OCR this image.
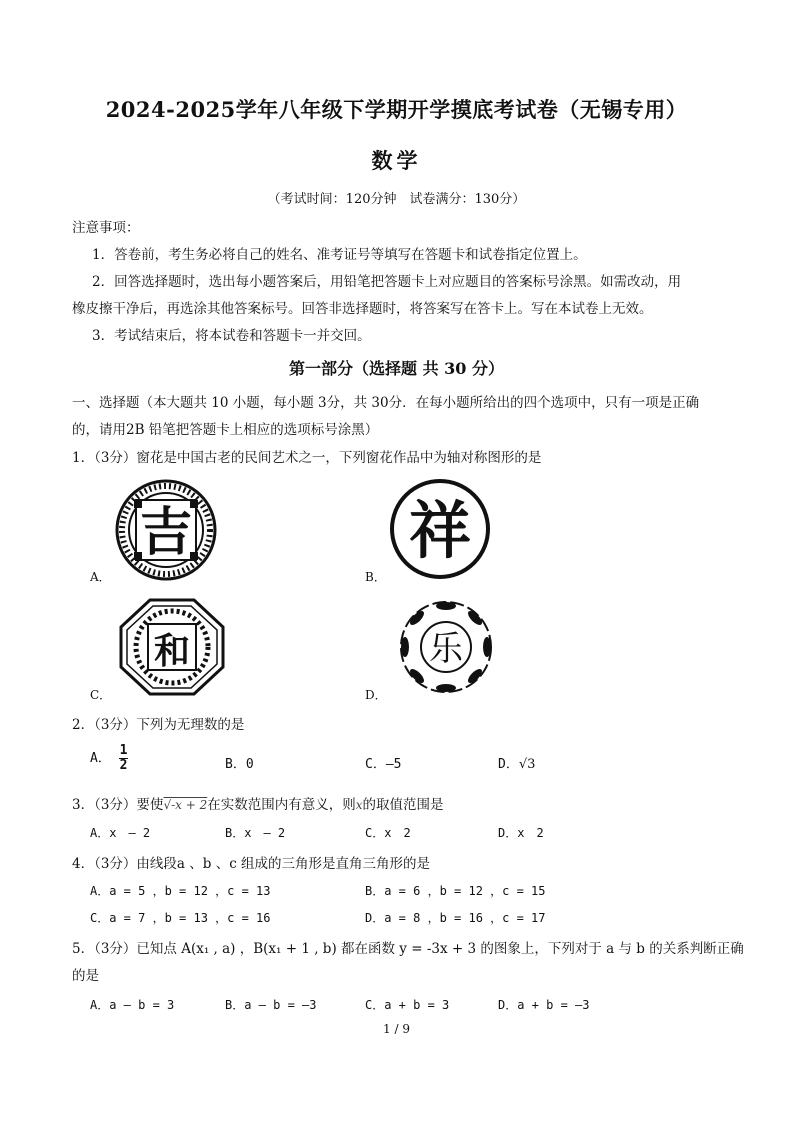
2024-2025学年八年级下学期开学摸底考试卷（无锡专用）
数学
（考试时间：120分钟　试卷满分：130分）
注意事项：
1．答卷前，考生务必将自己的姓名、准考证号等填写在答题卡和试卷指定位置上。
2．回答选择题时，选出每小题答案后，用铅笔把答题卡上对应题目的答案标号涂黑。如需改动，用
橡皮擦干净后，再选涂其他答案标号。回答非选择题时，将答案写在答卡上。写在本试卷上无效。
3．考试结束后，将本试卷和答题卡一并交回。
第一部分（选择题 共 30 分）
一、选择题（本大题共 10 小题，每小题 3分，共 30分．在每小题所给出的四个选项中，只有一项是正确
的，请用2B 铅笔把答题卡上相应的选项标号涂黑）
1．（3分）窗花是中国古老的民间艺术之一，下列窗花作品中为轴对称图形的是
吉
A．
祥
B．
和
C．
乐
D．
2．（3分）下列为无理数的是
A． $\frac{1}{2}$	B．0	C．–5	D．√3
3．（3分）要使√-x + 2在实数范围内有意义，则x的取值范围是
A．x　– 2	B．x　– 2	C．x　2	D．x　2
4．（3分）由线段a 、b 、c 组成的三角形是直角三角形的是
A．a = 5 ，b = 12 ，c = 13	B．a = 6 ，b = 12 ，c = 15
C．a = 7 ，b = 13 ，c = 16	D．a = 8 ，b = 16 ，c = 17
5．（3分）已知点 A(x₁ , a) ，B(x₁ + 1 , b) 都在函数 y = -3x + 3 的图象上，下列对于 a 与 b 的关系判断正确
的是
A．a – b = 3	B．a – b = –3	C．a + b = 3	D．a + b = –3
1 / 9
